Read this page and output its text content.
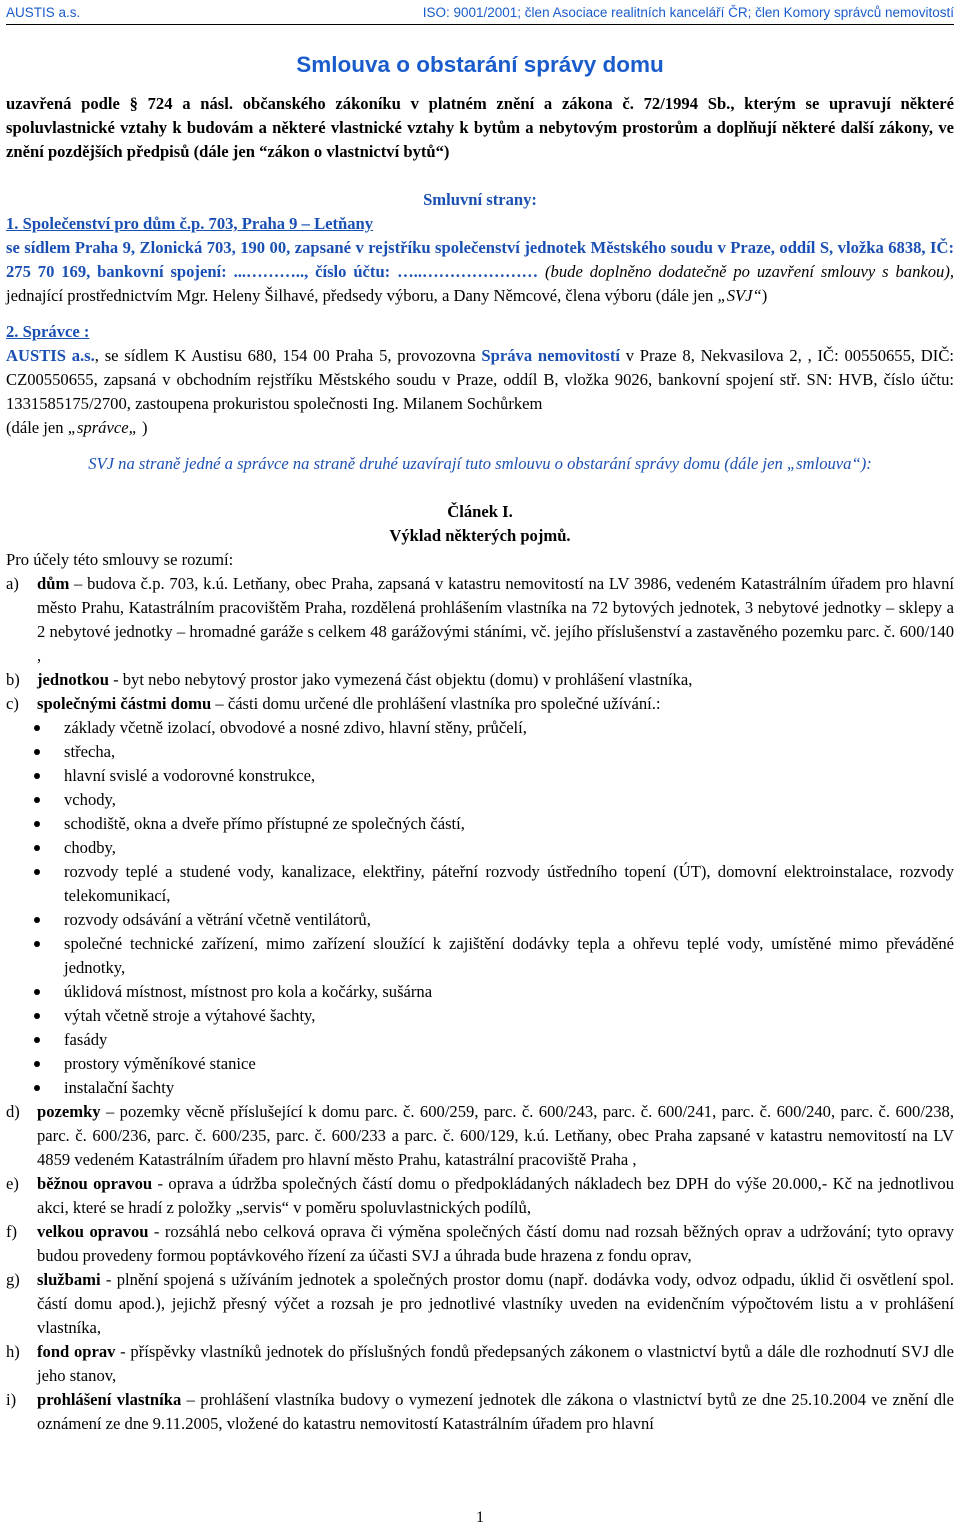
AUSTIS a.s.	ISO: 9001/2001; člen Asociace realitních kanceláří ČR; člen Komory správců nemovitostí
Smlouva o obstarání správy domu

uzavřená podle § 724 a násl. občanského zákoníku v platném znění a zákona č. 72/1994 Sb., kterým se upravují některé spoluvlastnické vztahy k budovám a některé vlastnické vztahy k bytům a nebytovým prostorům a doplňují některé další zákony, ve znění pozdějších předpisů (dále jen “zákon o vlastnictví bytů“)

Smluvní strany:

1. Společenství pro dům č.p. 703, Praha 9 – Letňany

se sídlem Praha 9, Zlonická 703, 190 00, zapsané v rejstříku společenství jednotek Městského soudu v Praze, oddíl S, vložka 6838, IČ: 275 70 169, bankovní spojení: ...……….., číslo účtu: …..………………… (bude doplněno dodatečně po uzavření smlouvy s bankou), jednající prostřednictvím Mgr. Heleny Šilhavé, předsedy výboru, a Dany Němcové, člena výboru (dále jen „SVJ“)

2. Správce :

AUSTIS a.s., se sídlem K Austisu 680, 154 00 Praha 5, provozovna Správa nemovitostí v Praze 8, Nekvasilova 2, , IČ: 00550655, DIČ: CZ00550655, zapsaná v obchodním rejstříku Městského soudu v Praze, oddíl B, vložka 9026, bankovní spojení stř. SN: HVB, číslo účtu: 1331585175/2700, zastoupena prokuristou společnosti Ing. Milanem Sochůrkem

(dále jen „správce„ )

SVJ na straně jedné a správce na straně druhé uzavírají tuto smlouvu o obstarání správy domu (dále jen „smlouva“):

Článek I.

Výklad některých pojmů.

Pro účely této smlouvy se rozumí:

a)	dům – budova č.p. 703, k.ú. Letňany, obec Praha, zapsaná v katastru nemovitostí na LV 3986, vedeném Katastrálním úřadem pro hlavní město Prahu, Katastrálním pracovištěm Praha, rozdělená prohlášením vlastníka na 72 bytových jednotek, 3 nebytové jednotky – sklepy a 2 nebytové jednotky – hromadné garáže s celkem 48 garážovými stáními, vč. jejího příslušenství a zastavěného pozemku parc. č. 600/140 ,
b)	jednotkou - byt nebo nebytový prostor jako vymezená část objektu (domu) v prohlášení vlastníka,
c)	společnými částmi domu – části domu určené dle prohlášení vlastníka pro společné užívání.:
základy včetně izolací, obvodové a nosné zdivo, hlavní stěny, průčelí,
střecha,
hlavní svislé a vodorovné konstrukce,
vchody,
schodiště, okna a dveře přímo přístupné ze společných částí,
chodby,
rozvody teplé a studené vody, kanalizace, elektřiny, páteřní rozvody ústředního topení (ÚT), domovní elektroinstalace, rozvody telekomunikací,
rozvody odsávání a větrání včetně ventilátorů,
společné technické zařízení, mimo zařízení sloužící k zajištění dodávky tepla a ohřevu teplé vody, umístěné mimo převáděné jednotky,
úklidová místnost, místnost pro kola a kočárky, sušárna
výtah včetně stroje a výtahové šachty,
fasády
prostory výměníkové stanice
instalační šachty
d)	pozemky – pozemky věcně příslušející k domu parc. č. 600/259, parc. č. 600/243, parc. č. 600/241, parc. č. 600/240, parc. č. 600/238, parc. č. 600/236, parc. č. 600/235, parc. č. 600/233 a parc. č. 600/129, k.ú. Letňany, obec Praha zapsané v katastru nemovitostí na LV 4859 vedeném Katastrálním úřadem pro hlavní město Prahu, katastrální pracoviště Praha ,
e)	běžnou opravou - oprava a údržba společných částí domu o předpokládaných nákladech bez DPH do výše 20.000,- Kč na jednotlivou akci, které se hradí z položky „servis“ v poměru spoluvlastnických podílů,
f)	velkou opravou - rozsáhlá nebo celková oprava či výměna společných částí domu nad rozsah běžných oprav a udržování; tyto opravy budou provedeny formou poptávkového řízení za účasti SVJ a úhrada bude hrazena z fondu oprav,
g)	službami - plnění spojená s užíváním jednotek a společných prostor domu (např. dodávka vody, odvoz odpadu, úklid či osvětlení spol. částí domu apod.), jejichž přesný výčet a rozsah je pro jednotlivé vlastníky uveden na evidenčním výpočtovém listu a v prohlášení vlastníka,
h)	fond oprav - příspěvky vlastníků jednotek do příslušných fondů předepsaných zákonem o vlastnictví bytů a dále dle rozhodnutí SVJ dle jeho stanov,
i)	prohlášení vlastníka – prohlášení vlastníka budovy o vymezení jednotek dle zákona o vlastnictví bytů ze dne 25.10.2004 ve znění dle oznámení ze dne 9.11.2005, vložené do katastru nemovitostí Katastrálním úřadem pro hlavní
1
